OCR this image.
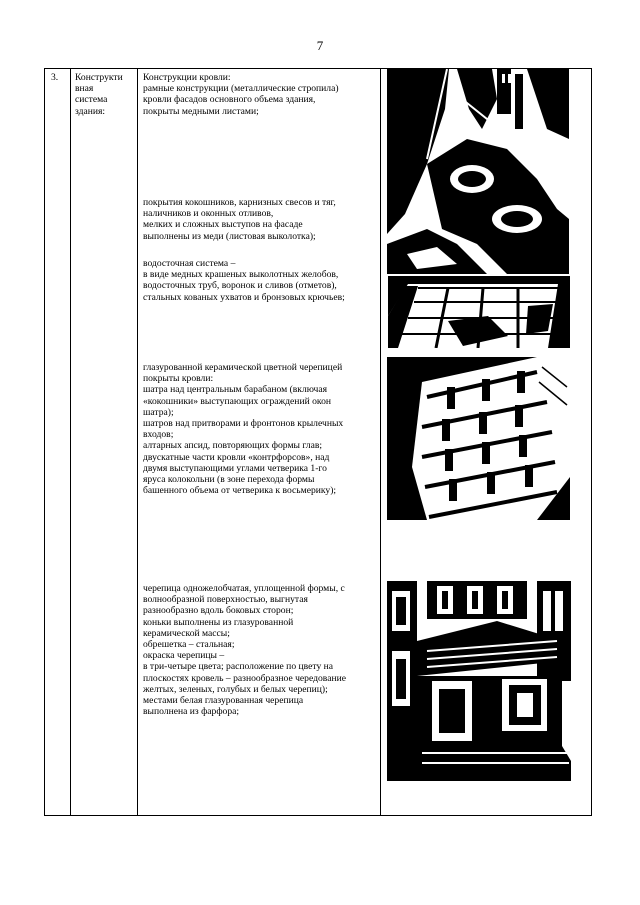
7
3. Конструкти
вная
система
здания:
Конструкции кровли:
рамные конструкции (металлические стропила)
кровли фасадов основного объема здания,
покрыты медными листами;
покрытия кокошников, карнизных свесов и тяг,
наличников и оконных отливов,
мелких и сложных выступов на фасаде
выполнены из меди (листовая выколотка);
водосточная система –
в виде медных крашеных выколотных желобов,
водосточных труб, воронок и сливов (отметов),
стальных кованых ухватов и бронзовых крючьев;
глазурованной керамической цветной черепицей
покрыты кровли:
шатра над центральным барабаном (включая
«кокошники» выступающих ограждений окон
шатра);
шатров над притворами и фронтонов крылечных
входов;
алтарных апсид, повторяющих формы глав;
двускатные части кровли «контрфорсов», над
двумя выступающими углами четверика 1-го
яруса колокольни (в зоне перехода формы
башенного объема от четверика к восьмерику);
черепица одножелобчатая, уплощенной формы, с
волнообразной поверхностью, выгнутая
разнообразно вдоль боковых сторон;
коньки выполнены из глазурованной
керамической массы;
обрешетка – стальная;
окраска черепицы –
в три-четыре цвета; расположение по цвету на
плоскостях кровель – разнообразное чередование
желтых, зеленых, голубых и белых черепиц);
местами белая глазурованная черепица
выполнена из фарфора;
